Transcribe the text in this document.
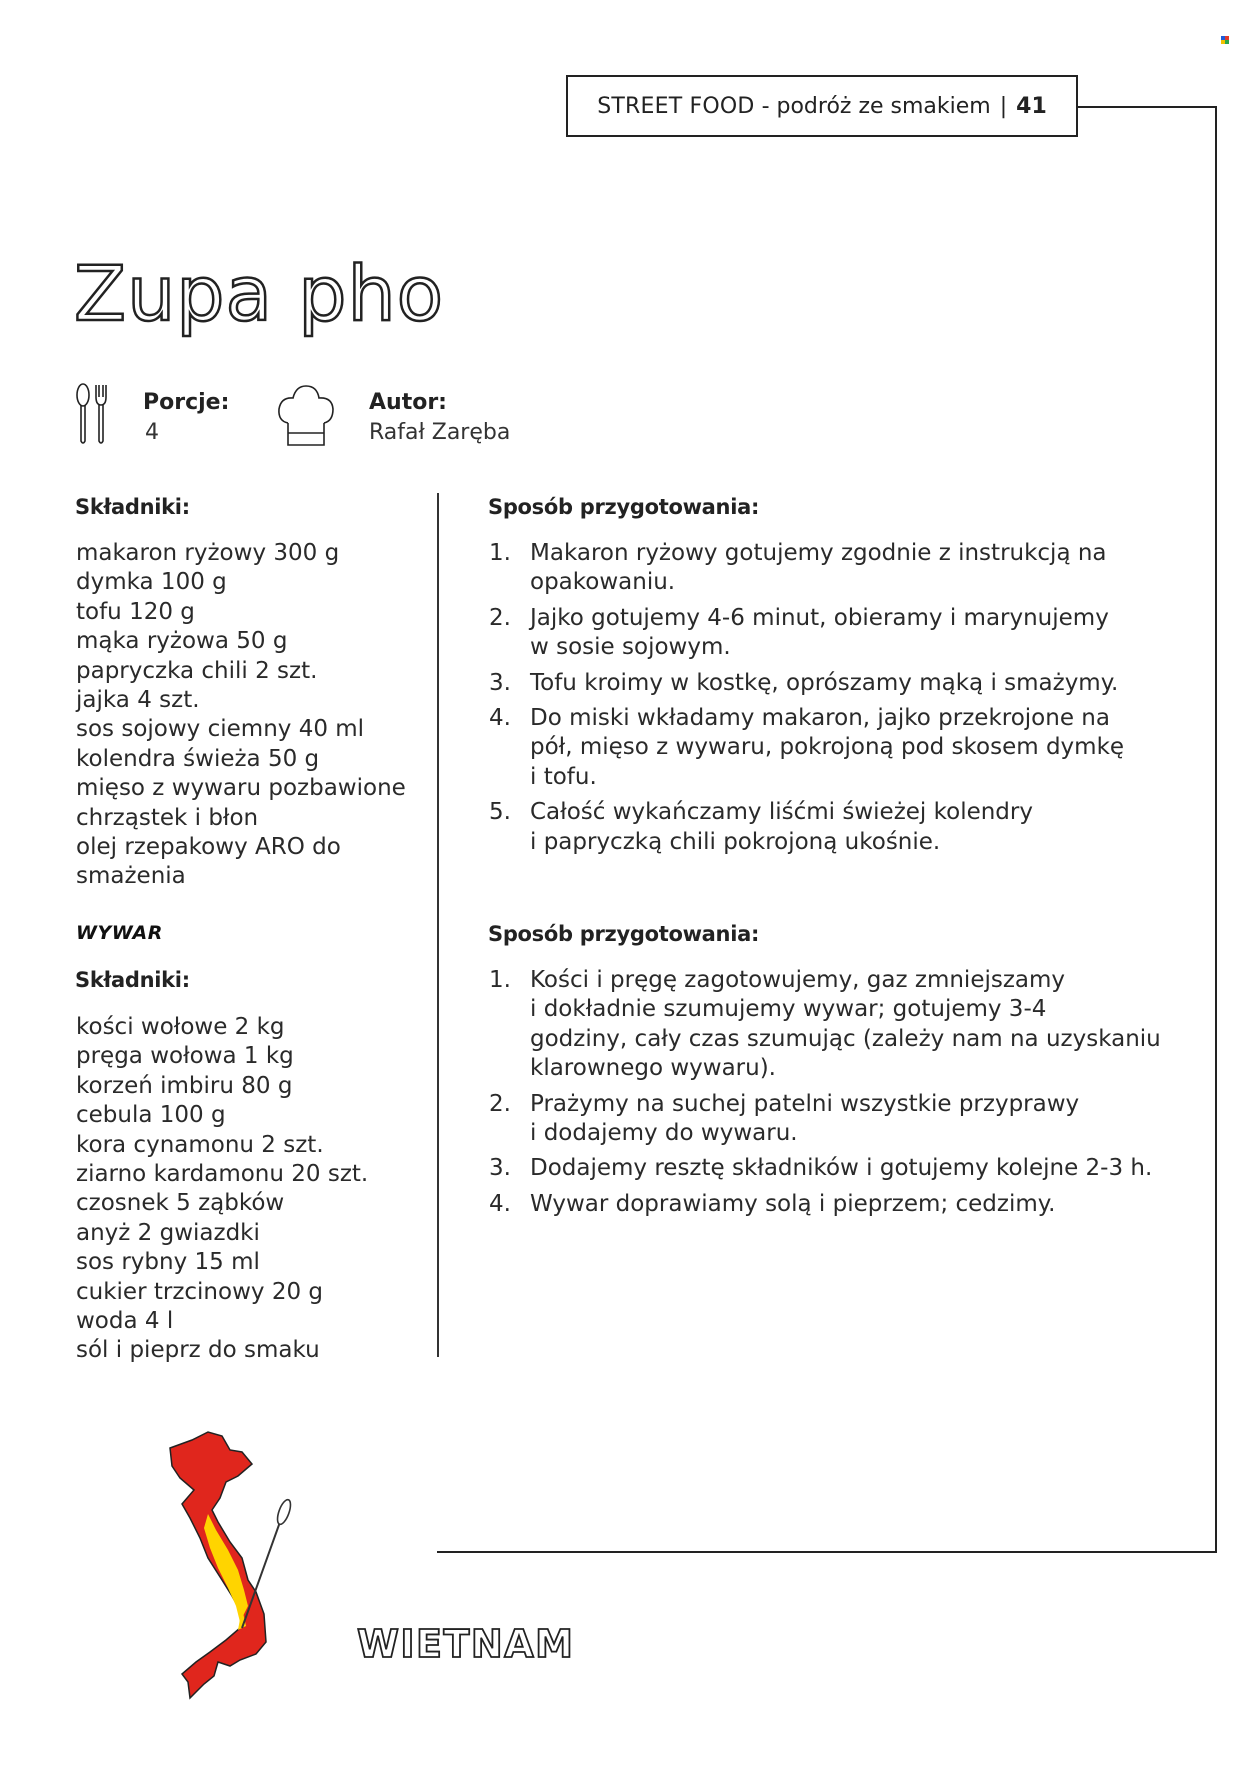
STREET FOOD
- podróż ze smakiem | 41
Zupa pho
Porcje:
4
Autor:
Rafał Zaręba
Składniki:
makaron ryżowy 300 g
dymka 100 g
tofu 120 g
mąka ryżowa 50 g
papryczka chili 2 szt.
jajka 4 szt.
sos sojowy ciemny 40 ml
kolendra świeża 50 g
mięso z wywaru pozbawione
chrząstek i błon
olej rzepakowy ARO do
smażenia
Sposób przygotowania:
1. Makaron ryżowy gotujemy zgodnie z instrukcją na
opakowaniu.
2. Jajko gotujemy 4-6 minut, obieramy i marynujemy
w sosie sojowym.
3. Tofu kroimy w kostkę, oprószamy mąką i smażymy.
4. Do miski wkładamy makaron, jajko przekrojone na
pół, mięso z wywaru, pokrojoną pod skosem dymkę
i tofu.
5. Całość wykańczamy liśćmi świeżej kolendry
i papryczką chili pokrojoną ukośnie.
WYWAR
Składniki:
kości wołowe 2 kg
pręga wołowa 1 kg
korzeń imbiru 80 g
cebula 100 g
kora cynamonu 2 szt.
ziarno kardamonu 20 szt.
czosnek 5 ząbków
anyż 2 gwiazdki
sos rybny 15 ml
cukier trzcinowy 20 g
woda 4 l
sól i pieprz do smaku
Sposób przygotowania:
1. Kości i pręgę zagotowujemy, gaz zmniejszamy
i dokładnie szumujemy wywar; gotujemy 3-4
godziny, cały czas szumując (zależy nam na uzyskaniu
klarownego wywaru).
2. Prażymy na suchej patelni wszystkie przyprawy
i dodajemy do wywaru.
3. Dodajemy resztę składników i gotujemy kolejne 2-3 h.
4. Wywar doprawiamy solą i pieprzem; cedzimy.
WIETNAM
